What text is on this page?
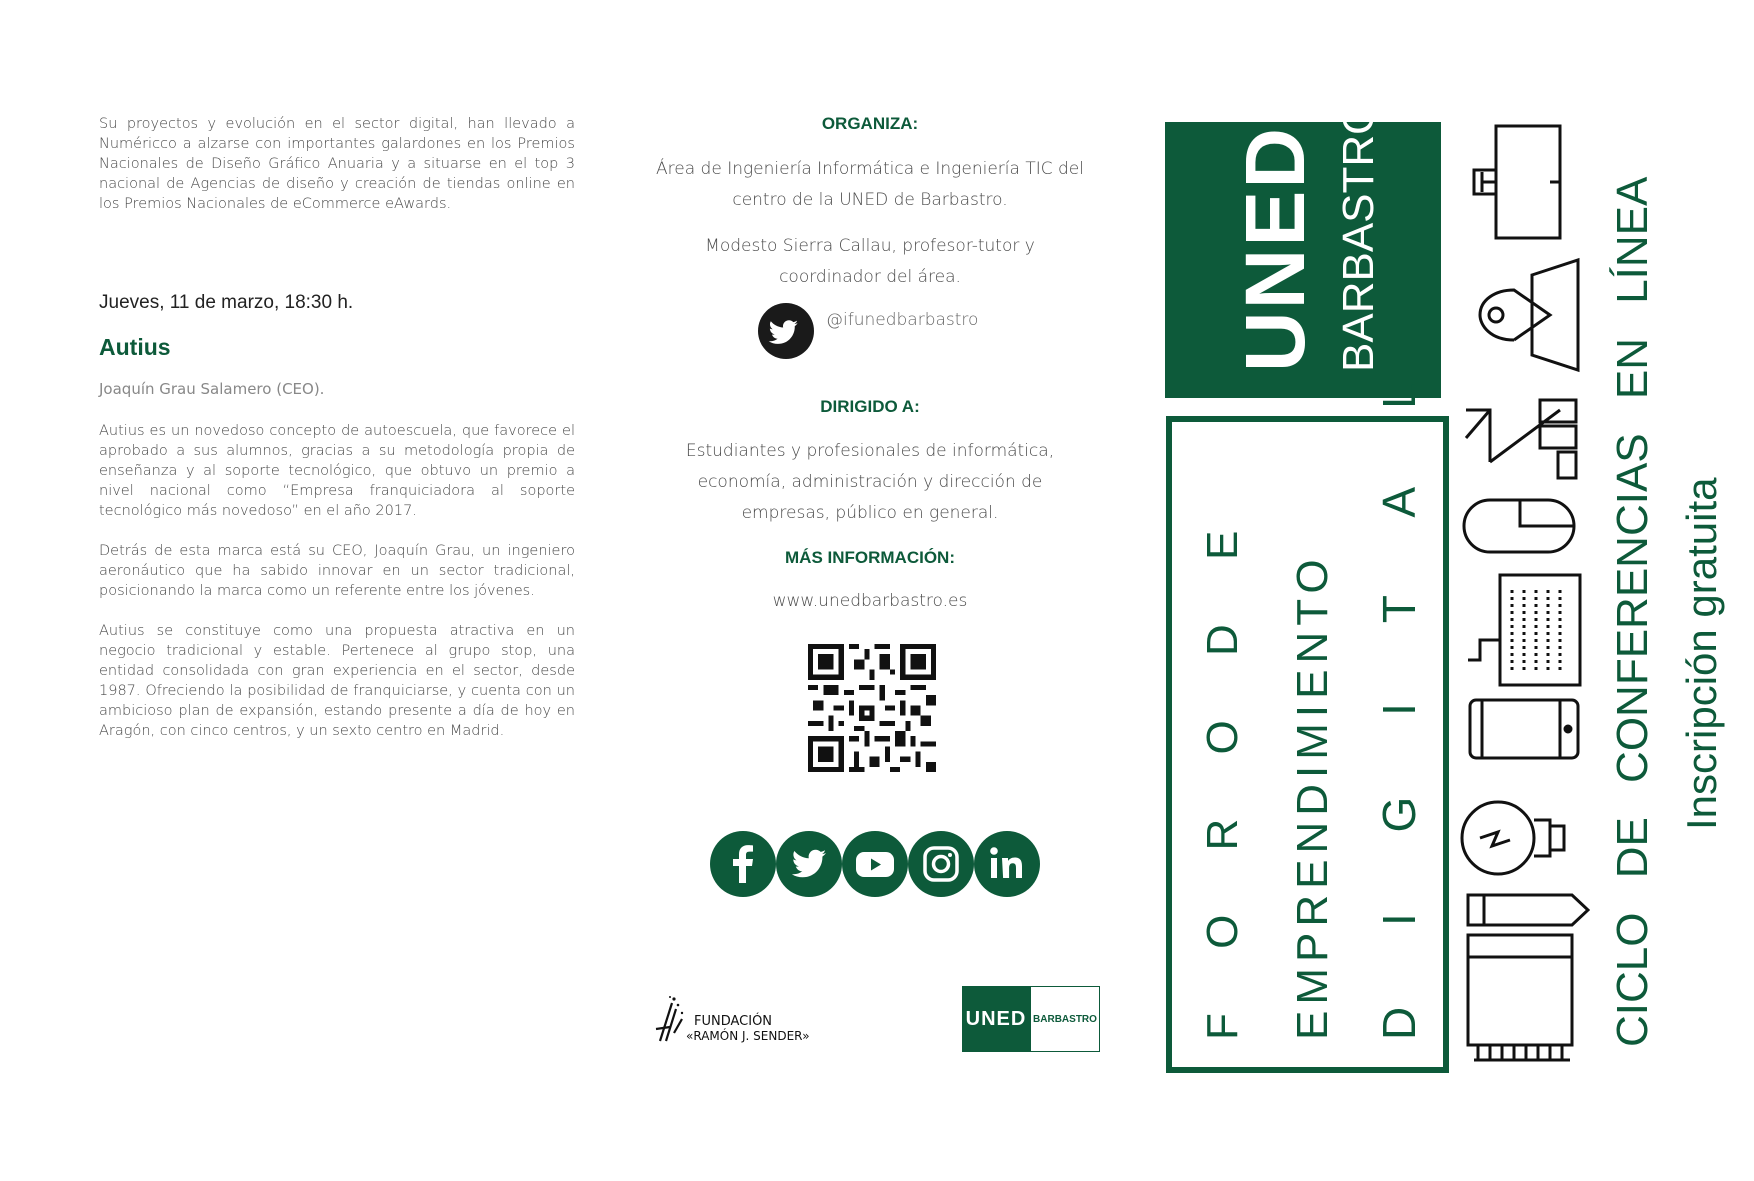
Su proyectos y evolución en el sector digital, han llevado a Numéricco a alzarse con importantes galardones en los Premios Nacionales de Diseño Gráfico Anuaria y a situarse en el top 3 nacional de Agencias de diseño y creación de tiendas online en los Premios Nacionales de eCommerce eAwards.

Jueves, 11 de marzo, 18:30 h.
Autius
Joaquín Grau Salamero (CEO).

Autius es un novedoso concepto de autoescuela, que favorece el aprobado a sus alumnos, gracias a su metodología propia de enseñanza y al soporte tecnológico, que obtuvo un premio a nivel nacional como “Empresa franquiciadora al soporte tecnológico más novedoso” en el año 2017.

Detrás de esta marca está su CEO, Joaquín Grau, un ingeniero aeronáutico que ha sabido innovar en un sector tradicional, posicionando la marca como un referente entre los jóvenes.

Autius se constituye como una propuesta atractiva en un negocio tradicional y estable. Pertenece al grupo stop, una entidad consolidada con gran experiencia en el sector, desde 1987. Ofreciendo la posibilidad de franquiciarse, y cuenta con un ambicioso plan de expansión, estando presente a día de hoy en Aragón, con cinco centros, y un sexto centro en Madrid.

ORGANIZA:
Área de Ingeniería Informática e Ingeniería TIC del
centro de la UNED de Barbastro.
Modesto Sierra Callau, profesor-tutor y
coordinador del área.
@ifunedbarbastro
DIRIGIDO A:
Estudiantes y profesionales de informática,
economía, administración y dirección de
empresas, público en general.
MÁS INFORMACIÓN:
www.unedbarbastro.es
FUNDACIÓN
«RAMÓN J. SENDER»
UNED BARBASTRO
UNED BARBASTRO
F O R O D E EMPRENDIMIENTO D I G I T A L	CICLO DE CONFERENCIAS EN LÍNEA Inscripción gratuita
